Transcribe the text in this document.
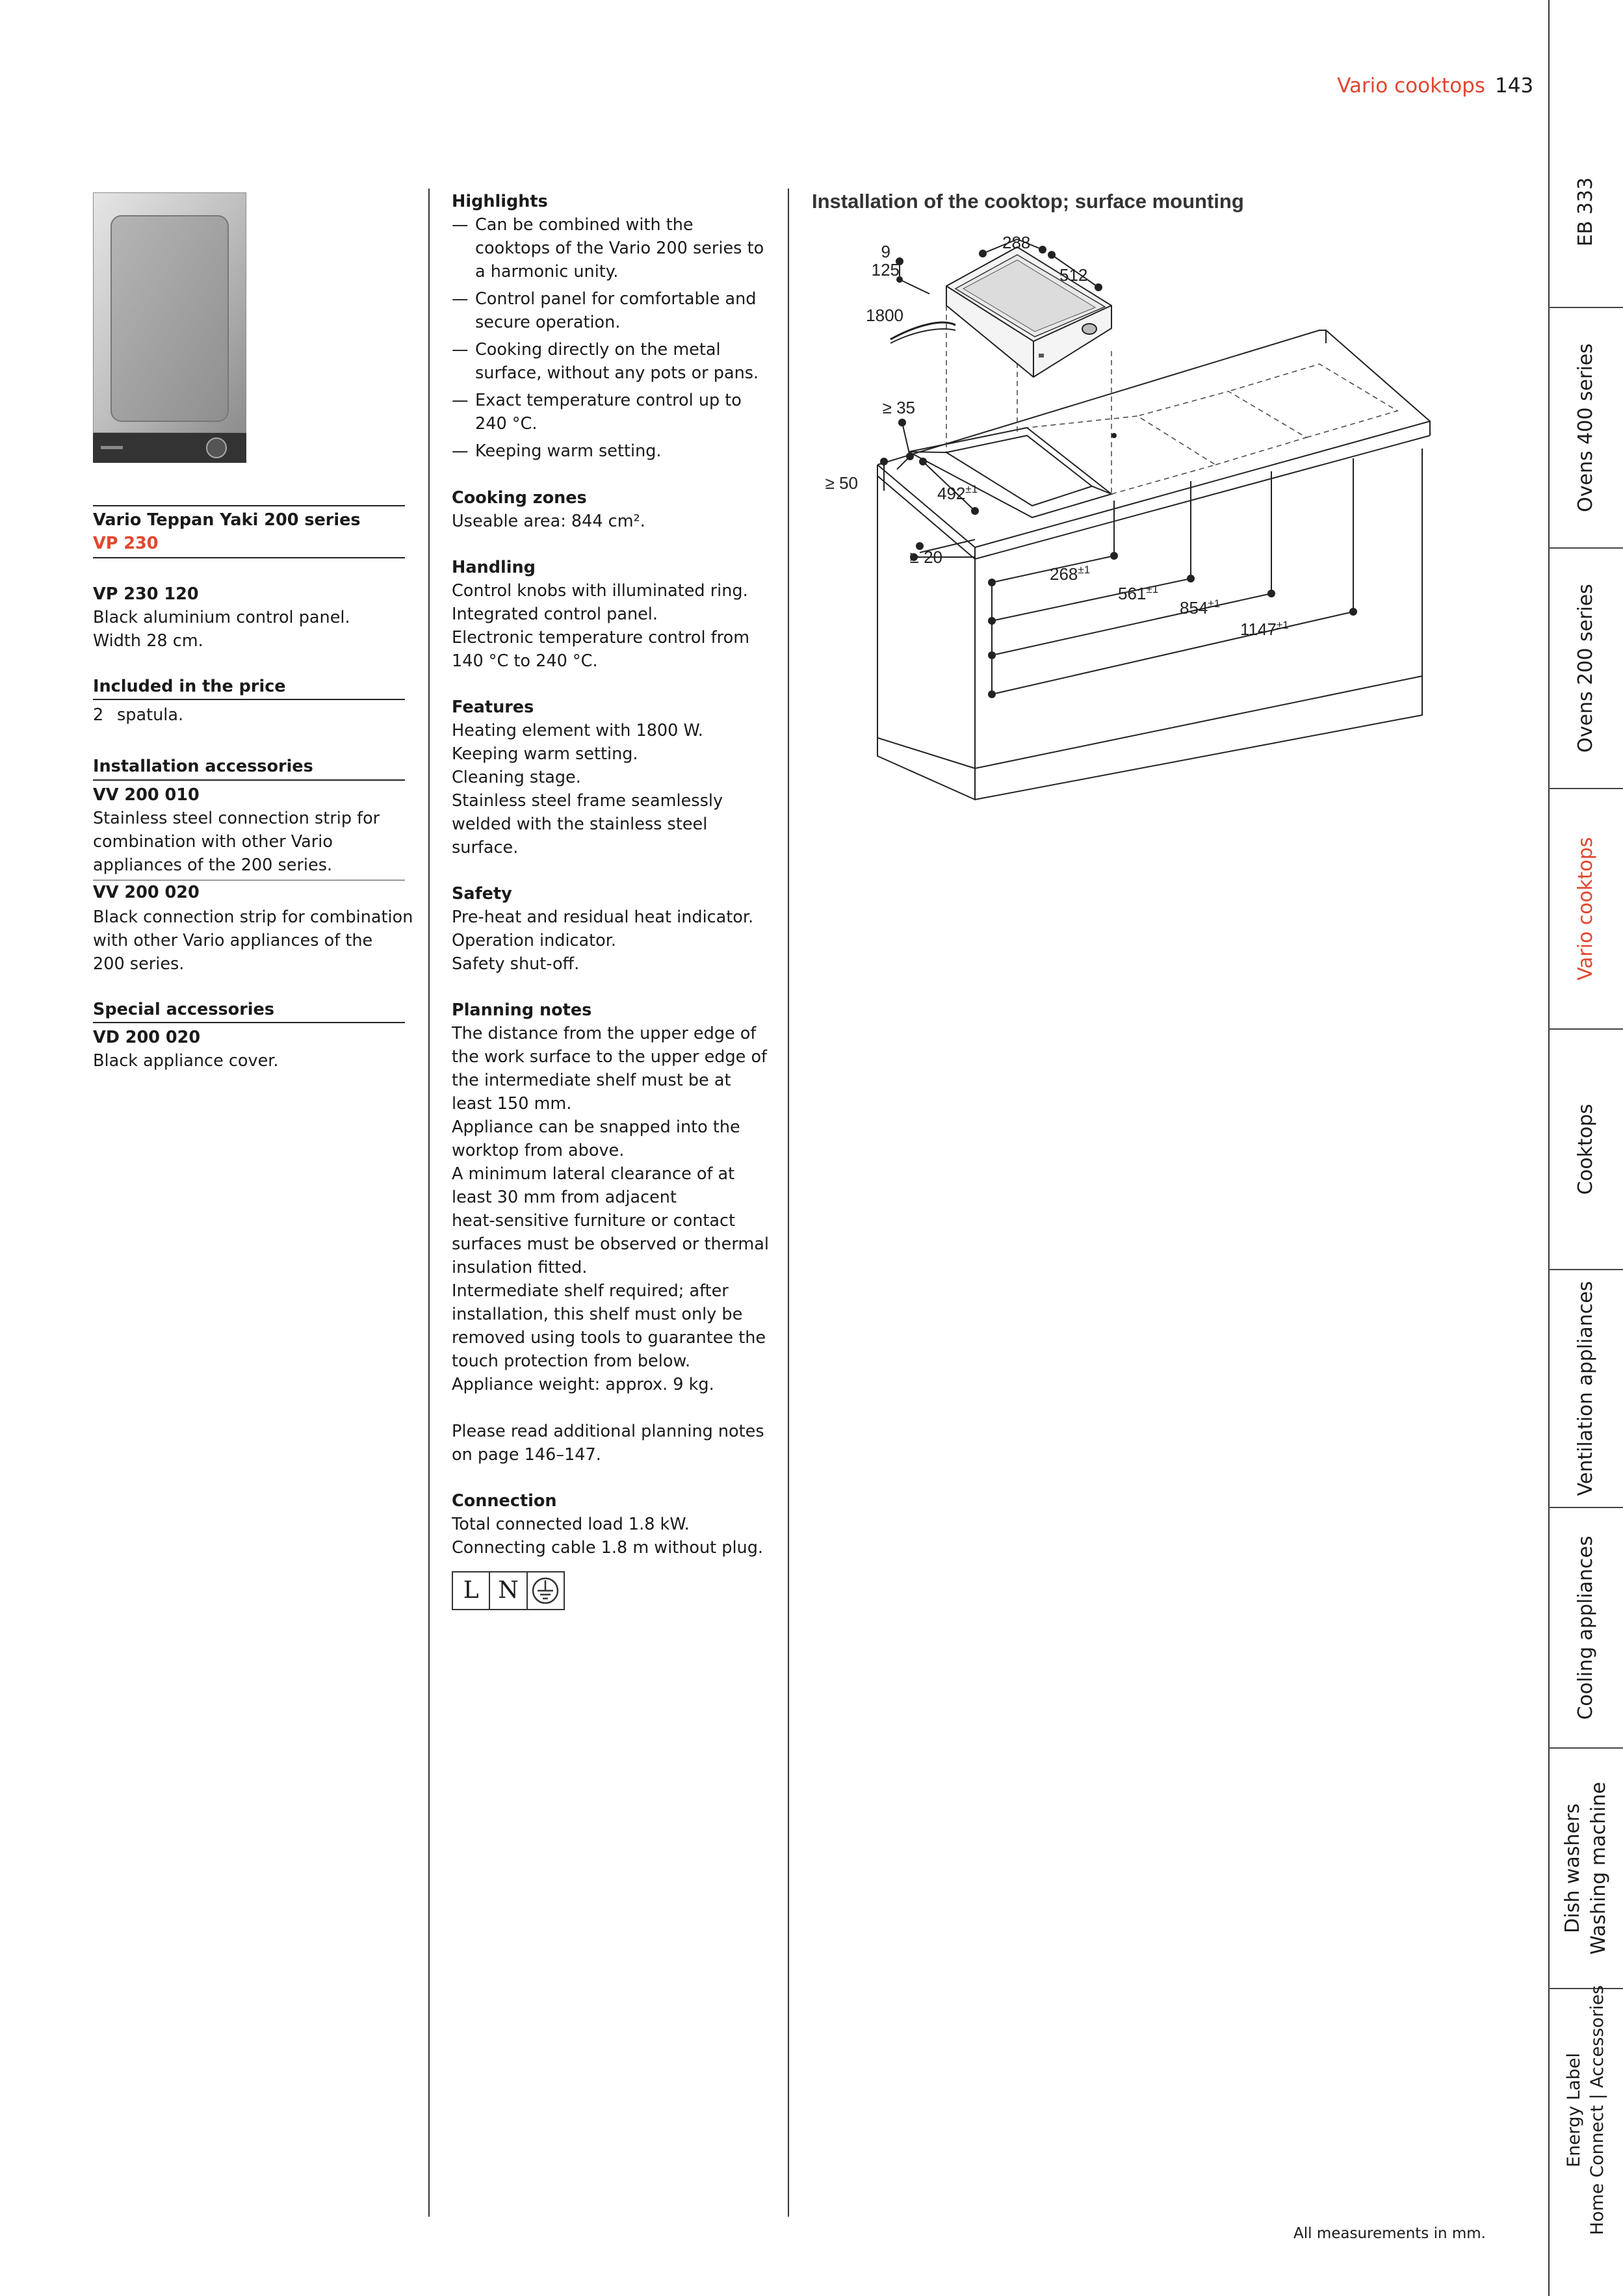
Vario cooktops 143
Vario Teppan Yaki 200 series
VP 230
VP 230 120
Black aluminium control panel.
Width 28 cm.
Included in the price
2 spatula.
Installation accessories
VV 200 010
Stainless steel connection strip for
combination with other Vario
appliances of the 200 series.
VV 200 020
Black connection strip for combination
with other Vario appliances of the
200 series.
Special accessories
VD 200 020
Black appliance cover.
Highlights
— Can be combined with the
cooktops of the Vario 200 series to
a harmonic unity.
— Control panel for comfortable and
secure operation.
— Cooking directly on the metal
surface, without any pots or pans.
— Exact temperature control up to
240 °C.
— Keeping warm setting.
Cooking zones
Useable area: 844 cm².
Handling
Control knobs with illuminated ring.
Integrated control panel.
Electronic temperature control from
140 °C to 240 °C.
Features
Heating element with 1800 W.
Keeping warm setting.
Cleaning stage.
Stainless steel frame seamlessly
welded with the stainless steel
surface.
Safety
Pre-heat and residual heat indicator.
Operation indicator.
Safety shut-off.
Planning notes
The distance from the upper edge of
the work surface to the upper edge of
the intermediate shelf must be at
least 150 mm.
Appliance can be snapped into the
worktop from above.
A minimum lateral clearance of at
least 30 mm from adjacent
heat-sensitive furniture or contact
surfaces must be observed or thermal
insulation fitted.
Intermediate shelf required; after
installation, this shelf must only be
removed using tools to guarantee the
touch protection from below.
Appliance weight: approx. 9 kg.
Please read additional planning notes
on page 146–147.
Connection
Total connected load 1.8 kW.
Connecting cable 1.8 m without plug.
L N
Installation of the cooktop; surface mounting
9
125
288
512
1800
≥ 35
≥ 50
≥ 20
$492^{\pm 1}$
$268^{\pm 1}$
$561^{\pm 1}$
$854^{\pm 1}$
$1147^{\pm 1}$
All measurements in mm.
EB 333
Ovens 400 series
Ovens 200 series
Vario cooktops
Cooktops
Ventilation appliances
Cooling appliances
Dish washers Washing machine
Energy Label Home Connect | Accessories
